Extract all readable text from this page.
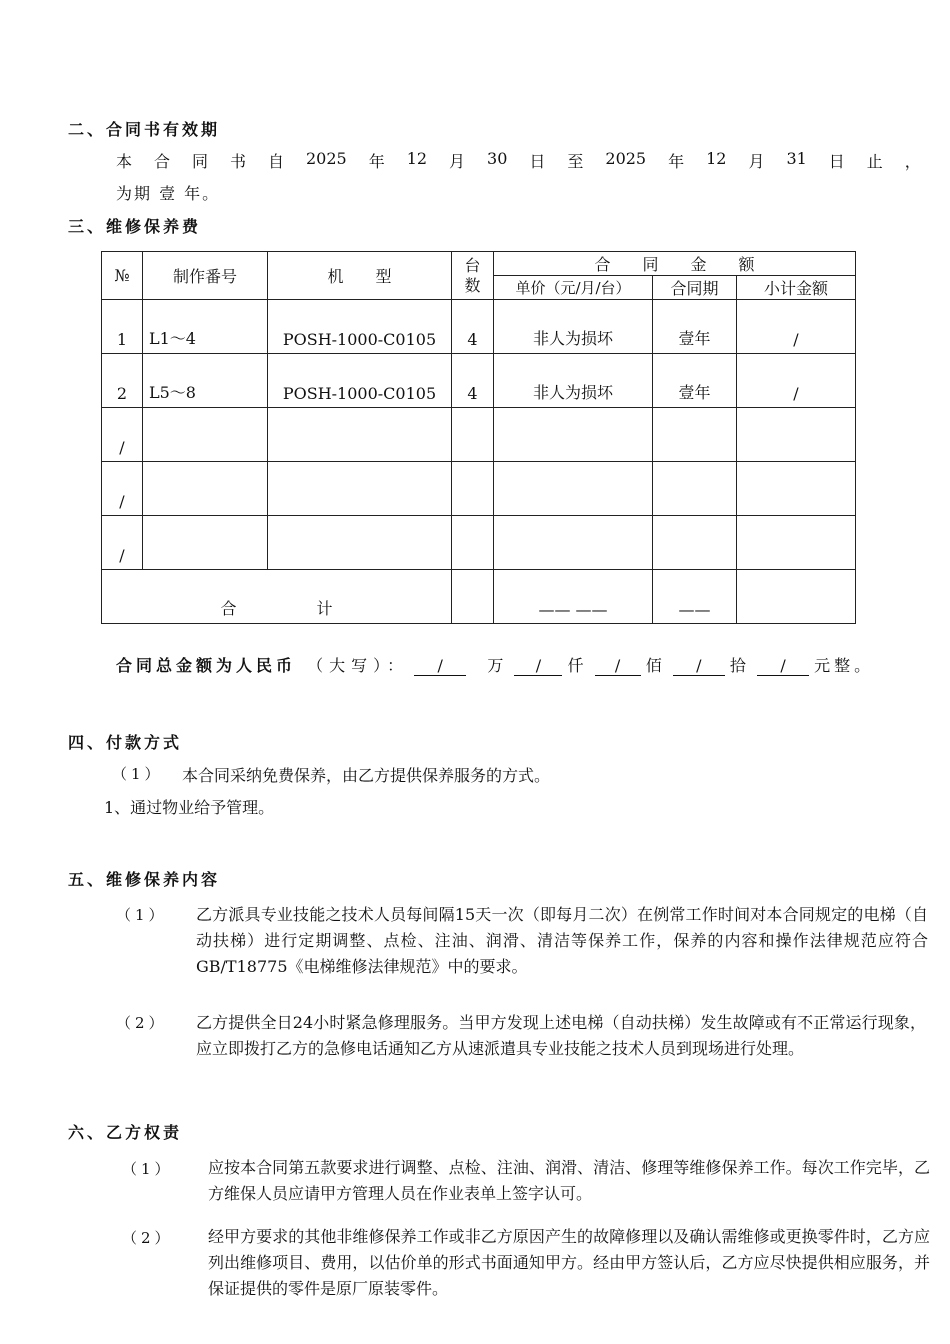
二、合同书有效期
本 合 同 书 自 2025 年 12 月 30 日 至 2025 年 12 月 31 日 止 ，
为期 壹 年。
三、维修保养费
№	制作番号	机　　型	台数	合　　同　　金　　额		
				单价（元/月/台）	合同期	小计金额
1	L1～4	POSH-1000-C0105	4	非人为损坏	壹年	/
2	L5～8	POSH-1000-C0105	4	非人为损坏	壹年	/
/						
/						
/						
合　　　　　计				—— ——	——	
合同总金额为人民币 （大写）： /	万 / 仟 / 佰 / 拾 / 元整。
四、付款方式
（1） 本合同采纳免费保养，由乙方提供保养服务的方式。
1、通过物业给予管理。
五、维修保养内容
（1） 乙方派具专业技能之技术人员每间隔15天一次（即每月二次）在例常工作时间对本合同规定的电梯（自动扶梯）进行定期调整、点检、注油、润滑、清洁等保养工作，保养的内容和操作法律规范应符合GB/T18775《电梯维修法律规范》中的要求。
（2） 乙方提供全日24小时紧急修理服务。当甲方发现上述电梯（自动扶梯）发生故障或有不正常运行现象，应立即拨打乙方的急修电话通知乙方从速派遣具专业技能之技术人员到现场进行处理。
六、乙方权责
（1） 应按本合同第五款要求进行调整、点检、注油、润滑、清洁、修理等维修保养工作。每次工作完毕，乙方维保人员应请甲方管理人员在作业表单上签字认可。
（2） 经甲方要求的其他非维修保养工作或非乙方原因产生的故障修理以及确认需维修或更换零件时，乙方应列出维修项目、费用，以估价单的形式书面通知甲方。经由甲方签认后，乙方应尽快提供相应服务，并保证提供的零件是原厂原装零件。
